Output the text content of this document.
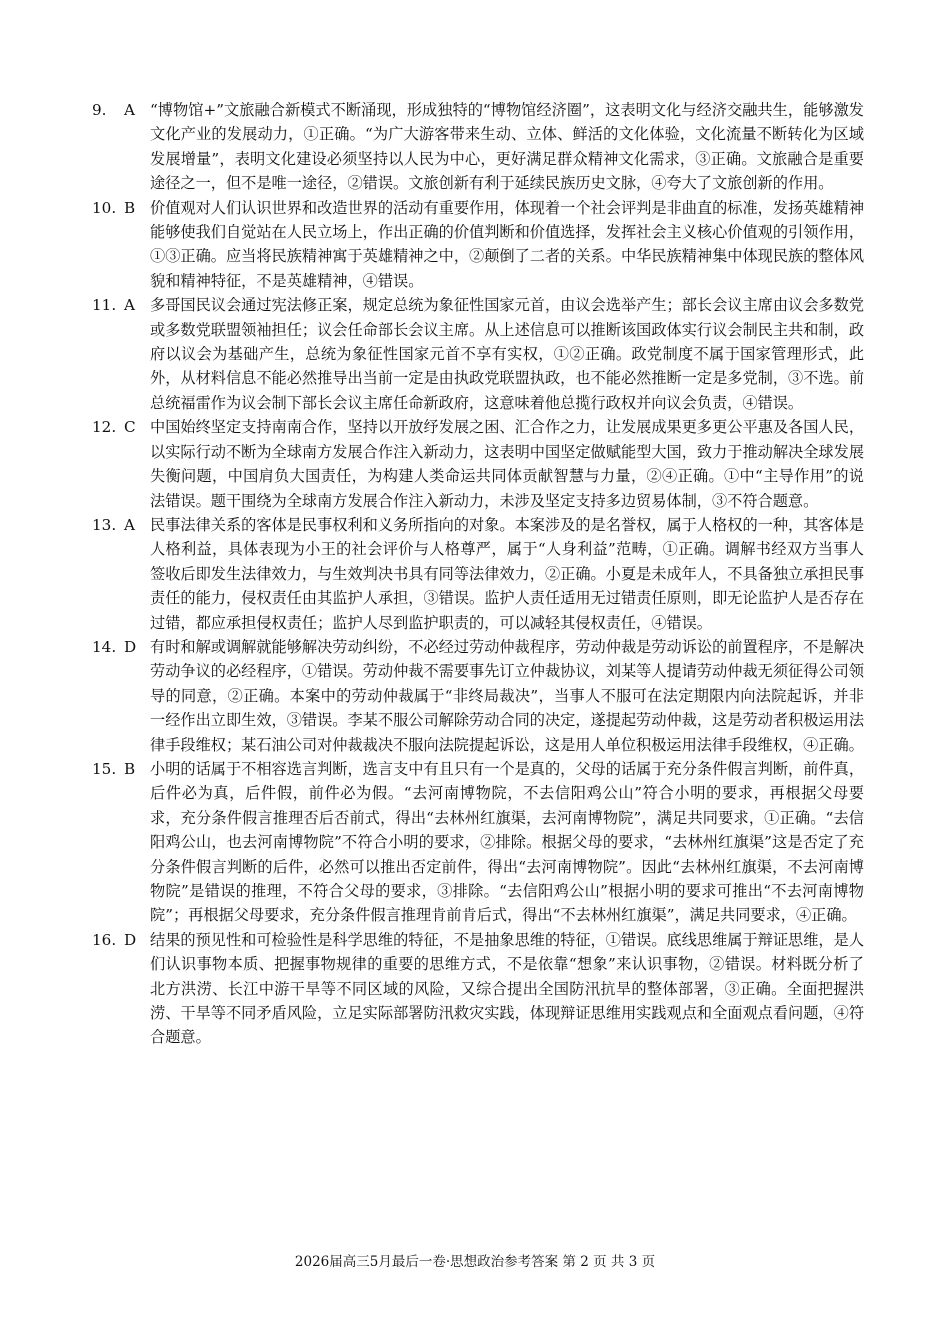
9.	A “博物馆+”文旅融合新模式不断涌现，形成独特的“博物馆经济圈”，这表明文化与经济交融共生，能够激发文化产业的发展动力，①正确。“为广大游客带来生动、立体、鲜活的文化体验，文化流量不断转化为区域发展增量”，表明文化建设必须坚持以人民为中心，更好满足群众精神文化需求，③正确。文旅融合是重要途径之一，但不是唯一途径，②错误。文旅创新有利于延续民族历史文脉，④夸大了文旅创新的作用。
10. B 价值观对人们认识世界和改造世界的活动有重要作用，体现着一个社会评判是非曲直的标准，发扬英雄精神能够使我们自觉站在人民立场上，作出正确的价值判断和价值选择，发挥社会主义核心价值观的引领作用，①③正确。应当将民族精神寓于英雄精神之中，②颠倒了二者的关系。中华民族精神集中体现民族的整体风貌和精神特征，不是英雄精神，④错误。
11. A 多哥国民议会通过宪法修正案，规定总统为象征性国家元首，由议会选举产生；部长会议主席由议会多数党或多数党联盟领袖担任；议会任命部长会议主席。从上述信息可以推断该国政体实行议会制民主共和制，政府以议会为基础产生，总统为象征性国家元首不享有实权，①②正确。政党制度不属于国家管理形式，此外，从材料信息不能必然推导出当前一定是由执政党联盟执政，也不能必然推断一定是多党制，③不选。前总统福雷作为议会制下部长会议主席任命新政府，这意味着他总揽行政权并向议会负责，④错误。
12. C 中国始终坚定支持南南合作，坚持以开放纾发展之困、汇合作之力，让发展成果更多更公平惠及各国人民，以实际行动不断为全球南方发展合作注入新动力，这表明中国坚定做赋能型大国，致力于推动解决全球发展失衡问题，中国肩负大国责任，为构建人类命运共同体贡献智慧与力量，②④正确。①中“主导作用”的说法错误。题干围绕为全球南方发展合作注入新动力，未涉及坚定支持多边贸易体制，③不符合题意。
13. A 民事法律关系的客体是民事权利和义务所指向的对象。本案涉及的是名誉权，属于人格权的一种，其客体是人格利益，具体表现为小王的社会评价与人格尊严，属于“人身利益”范畴，①正确。调解书经双方当事人签收后即发生法律效力，与生效判决书具有同等法律效力，②正确。小夏是未成年人，不具备独立承担民事责任的能力，侵权责任由其监护人承担，③错误。监护人责任适用无过错责任原则，即无论监护人是否存在过错，都应承担侵权责任；监护人尽到监护职责的，可以减轻其侵权责任，④错误。
14. D 有时和解或调解就能够解决劳动纠纷，不必经过劳动仲裁程序，劳动仲裁是劳动诉讼的前置程序，不是解决劳动争议的必经程序，①错误。劳动仲裁不需要事先订立仲裁协议，刘某等人提请劳动仲裁无须征得公司领导的同意，②正确。本案中的劳动仲裁属于“非终局裁决”，当事人不服可在法定期限内向法院起诉，并非一经作出立即生效，③错误。李某不服公司解除劳动合同的决定，遂提起劳动仲裁，这是劳动者积极运用法律手段维权；某石油公司对仲裁裁决不服向法院提起诉讼，这是用人单位积极运用法律手段维权，④正确。
15. B 小明的话属于不相容选言判断，选言支中有且只有一个是真的，父母的话属于充分条件假言判断，前件真，后件必为真，后件假，前件必为假。“去河南博物院，不去信阳鸡公山”符合小明的要求，再根据父母要求，充分条件假言推理否后否前式，得出“去林州红旗渠，去河南博物院”，满足共同要求，①正确。“去信阳鸡公山，也去河南博物院”不符合小明的要求，②排除。根据父母的要求，“去林州红旗渠”这是否定了充分条件假言判断的后件，必然可以推出否定前件，得出“去河南博物院”。因此“去林州红旗渠，不去河南博物院”是错误的推理，不符合父母的要求，③排除。“去信阳鸡公山”根据小明的要求可推出“不去河南博物院”；再根据父母要求，充分条件假言推理肯前肯后式，得出“不去林州红旗渠”，满足共同要求，④正确。
16. D 结果的预见性和可检验性是科学思维的特征，不是抽象思维的特征，①错误。底线思维属于辩证思维，是人们认识事物本质、把握事物规律的重要的思维方式，不是依靠“想象”来认识事物，②错误。材料既分析了北方洪涝、长江中游干旱等不同区域的风险，又综合提出全国防汛抗旱的整体部署，③正确。全面把握洪涝、干旱等不同矛盾风险，立足实际部署防汛救灾实践，体现辩证思维用实践观点和全面观点看问题，④符合题意。
2026届高三5月最后一卷·思想政治参考答案 第 2 页 共 3 页
